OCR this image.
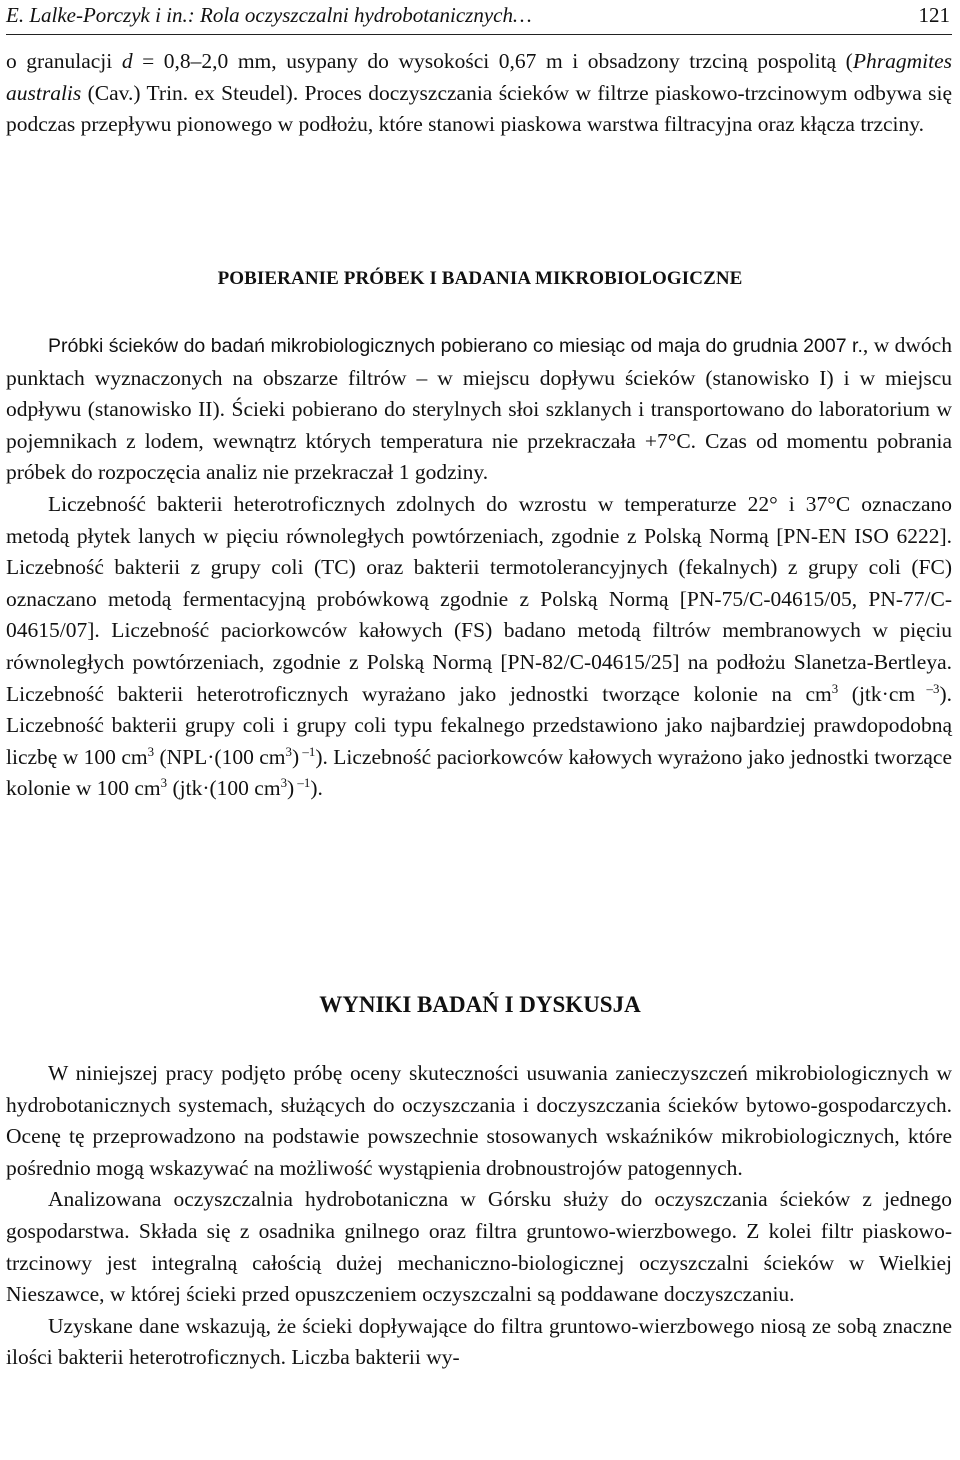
E. Lalke-Porczyk i in.: Rola oczyszczalni hydrobotanicznych…	121

o granulacji d = 0,8–2,0 mm, usypany do wysokości 0,67 m i obsadzony trzciną pospolitą (Phragmites australis (Cav.) Trin. ex Steudel). Proces doczyszczania ścieków w filtrze piaskowo-trzcinowym odbywa się podczas przepływu pionowego w podłożu, które stanowi piaskowa warstwa filtracyjna oraz kłącza trzciny.

POBIERANIE PRÓBEK I BADANIA MIKROBIOLOGICZNE

Próbki ścieków do badań mikrobiologicznych pobierano co miesiąc od maja do grudnia 2007 r., w dwóch punktach wyznaczonych na obszarze filtrów – w miejscu dopływu ścieków (stanowisko I) i w miejscu odpływu (stanowisko II). Ścieki pobierano do sterylnych słoi szklanych i transportowano do laboratorium w pojemnikach z lodem, wewnątrz których temperatura nie przekraczała +7°C. Czas od momentu pobrania próbek do rozpoczęcia analiz nie przekraczał 1 godziny.

Liczebność bakterii heterotroficznych zdolnych do wzrostu w temperaturze 22° i 37°C oznaczano metodą płytek lanych w pięciu równoległych powtórzeniach, zgodnie z Polską Normą [PN-EN ISO 6222]. Liczebność bakterii z grupy coli (TC) oraz bakterii termotolerancyjnych (fekalnych) z grupy coli (FC) oznaczano metodą fermentacyjną probówkową zgodnie z Polską Normą [PN-75/C-04615/05, PN-77/C-04615/07]. Liczebność paciorkowców kałowych (FS) badano metodą filtrów membranowych w pięciu równoległych powtórzeniach, zgodnie z Polską Normą [PN-82/C-04615/25] na podłożu Slanetza-Bertleya. Liczebność bakterii heterotroficznych wyrażano jako jednostki tworzące kolonie na $cm^3$ (jtk·cm $^{-3}$). Liczebność bakterii grupy coli i grupy coli typu fekalnego przedstawiono jako najbardziej prawdopodobną liczbę w 100 $cm^3$ (NPL·(100 $cm^3$) $^{-1}$). Liczebność paciorkowców kałowych wyrażono jako jednostki tworzące kolonie w 100 $cm^3$ (jtk·(100 $cm^3$) $^{-1}$).

WYNIKI BADAŃ I DYSKUSJA

W niniejszej pracy podjęto próbę oceny skuteczności usuwania zanieczyszczeń mikrobiologicznych w hydrobotanicznych systemach, służących do oczyszczania i doczyszczania ścieków bytowo-gospodarczych. Ocenę tę przeprowadzono na podstawie powszechnie stosowanych wskaźników mikrobiologicznych, które pośrednio mogą wskazywać na możliwość wystąpienia drobnoustrojów patogennych.

Analizowana oczyszczalnia hydrobotaniczna w Górsku służy do oczyszczania ścieków z jednego gospodarstwa. Składa się z osadnika gnilnego oraz filtra gruntowo-wierzbowego. Z kolei filtr piaskowo-trzcinowy jest integralną całością dużej mechaniczno-biologicznej oczyszczalni ścieków w Wielkiej Nieszawce, w której ścieki przed opuszczeniem oczyszczalni są poddawane doczyszczaniu.

Uzyskane dane wskazują, że ścieki dopływające do filtra gruntowo-wierzbowego niosą ze sobą znaczne ilości bakterii heterotroficznych. Liczba bakterii wy-
